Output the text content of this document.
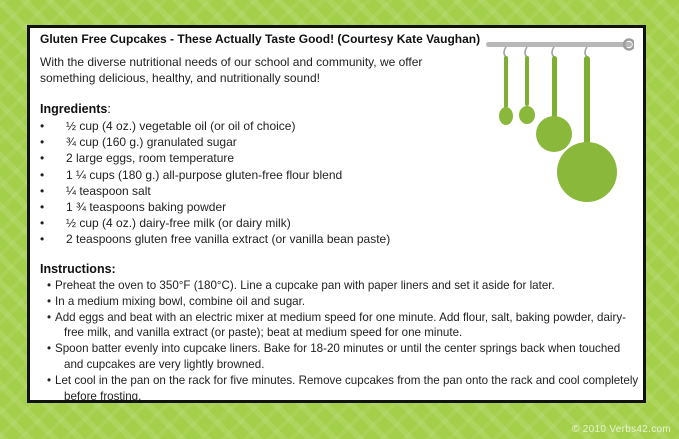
Gluten Free Cupcakes - These Actually Taste Good! (Courtesy Kate Vaughan)
With the diverse nutritional needs of our school and community, we offer something delicious, healthy, and nutritionally sound!
Ingredients:
• ½ cup (4 oz.) vegetable oil (or oil of choice)
• ¾ cup (160 g.) granulated sugar
• 2 large eggs, room temperature
• 1 ¼ cups (180 g.) all-purpose gluten-free flour blend
• ¼ teaspoon salt
• 1 ¾ teaspoons baking powder
• ½ cup (4 oz.) dairy-free milk (or dairy milk)
• 2 teaspoons gluten free vanilla extract (or vanilla bean paste)
Instructions:
• Preheat the oven to 350°F (180°C). Line a cupcake pan with paper liners and set it aside for later.
• In a medium mixing bowl, combine oil and sugar.
• Add eggs and beat with an electric mixer at medium speed for one minute. Add flour, salt, baking powder, dairy-free milk, and vanilla extract (or paste); beat at medium speed for one minute.
• Spoon batter evenly into cupcake liners. Bake for 18-20 minutes or until the center springs back when touched and cupcakes are very lightly browned.
• Let cool in the pan on the rack for five minutes. Remove cupcakes from the pan onto the rack and cool completely before frosting.
© 2010 Verbs42.com
